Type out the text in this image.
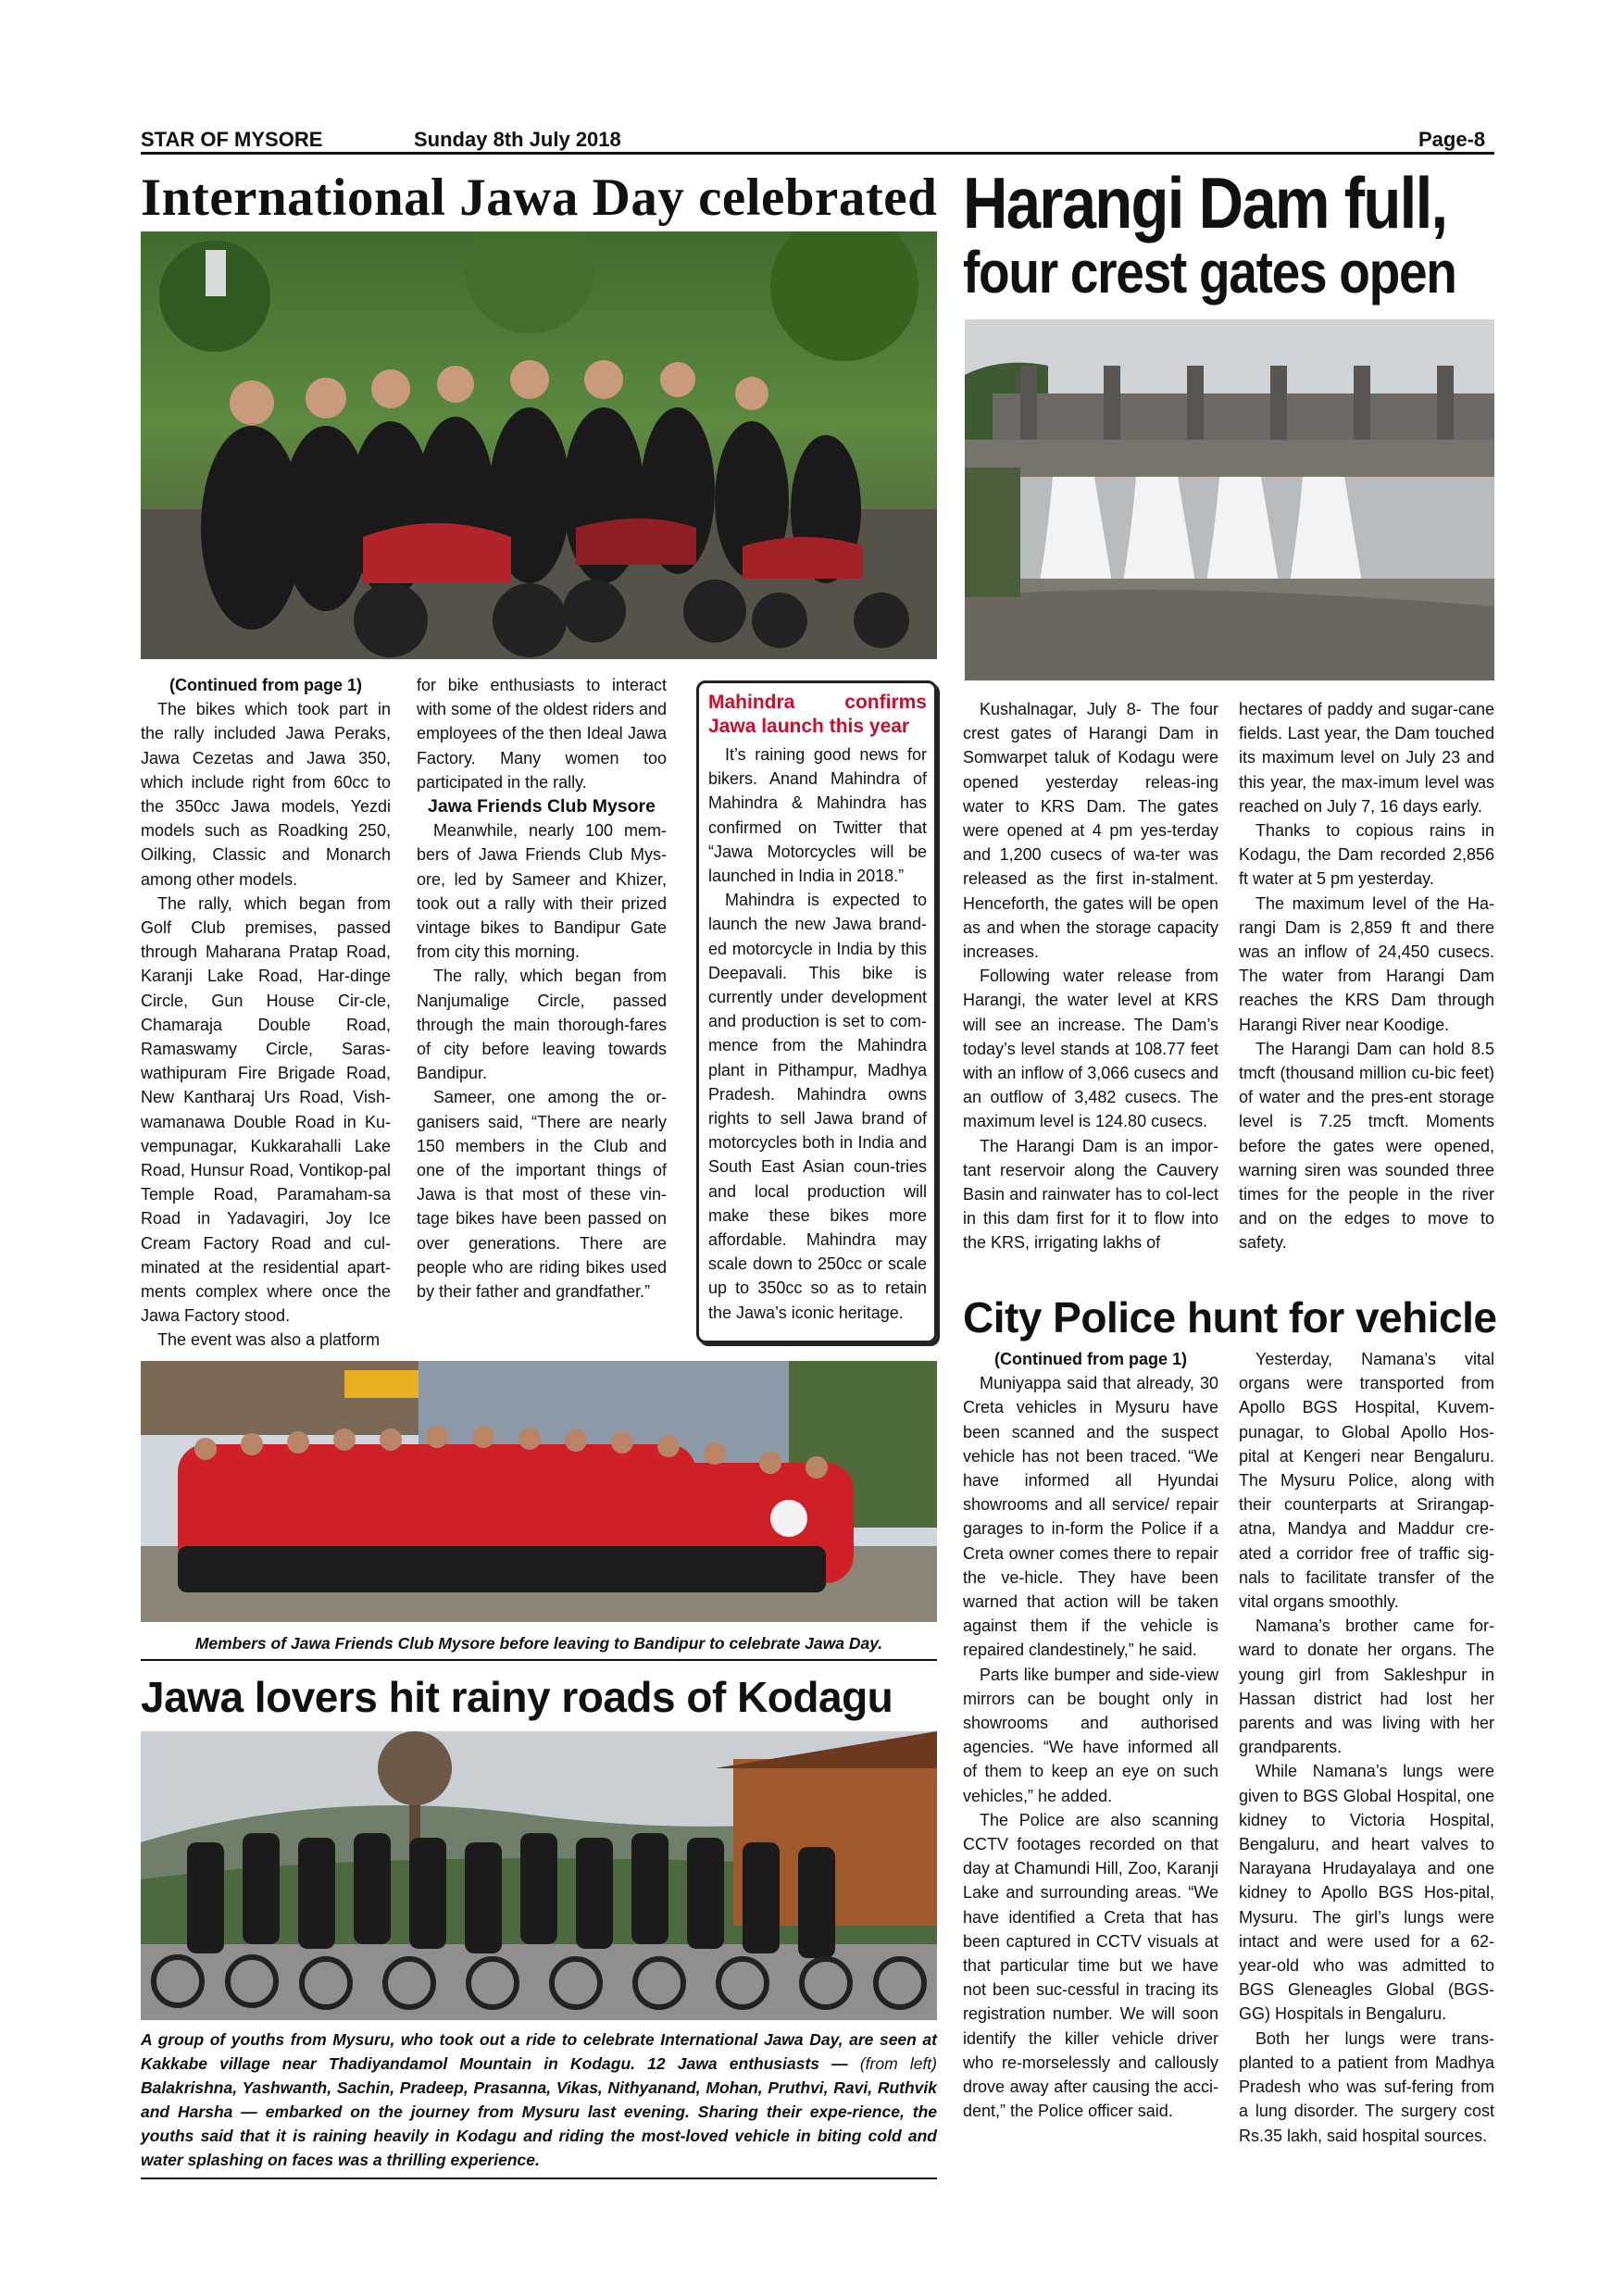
STAR OF MYSORE	Sunday 8th July 2018	Page-8
International Jawa Day celebrated

(Continued from page 1)

The bikes which took part in the rally included Jawa Peraks, Jawa Cezetas and Jawa 350, which include right from 60cc to the 350cc Jawa models, Yezdi models such as Roadking 250, Oilking, Classic and Monarch among other models.

The rally, which began from Golf Club premises, passed through Maharana Pratap Road, Karanji Lake Road, Har-dinge Circle, Gun House Cir-cle, Chamaraja Double Road, Ramaswamy Circle, Saras-wathipuram Fire Brigade Road, New Kantharaj Urs Road, Vish-wamanawa Double Road in Ku-vempunagar, Kukkarahalli Lake Road, Hunsur Road, Vontikop-pal Temple Road, Paramaham-sa Road in Yadavagiri, Joy Ice Cream Factory Road and cul-minated at the residential apart-ments complex where once the Jawa Factory stood.

The event was also a platform

for bike enthusiasts to interact with some of the oldest riders and employees of the then Ideal Jawa Factory. Many women too participated in the rally.

Jawa Friends Club Mysore

Meanwhile, nearly 100 mem-bers of Jawa Friends Club Mys-ore, led by Sameer and Khizer, took out a rally with their prized vintage bikes to Bandipur Gate from city this morning.

The rally, which began from Nanjumalige Circle, passed through the main thorough-fares of city before leaving towards Bandipur.

Sameer, one among the or-ganisers said, “There are nearly 150 members in the Club and one of the important things of Jawa is that most of these vin-tage bikes have been passed on over generations. There are people who are riding bikes used by their father and grandfather.”

Mahindra confirms Jawa launch this year

It’s raining good news for bikers. Anand Mahindra of Mahindra & Mahindra has confirmed on Twitter that “Jawa Motorcycles will be launched in India in 2018.”

Mahindra is expected to launch the new Jawa brand-ed motorcycle in India by this Deepavali. This bike is currently under development and production is set to com-mence from the Mahindra plant in Pithampur, Madhya Pradesh. Mahindra owns rights to sell Jawa brand of motorcycles both in India and South East Asian coun-tries and local production will make these bikes more affordable. Mahindra may scale down to 250cc or scale up to 350cc so as to retain the Jawa’s iconic heritage.

Members of Jawa Friends Club Mysore before leaving to Bandipur to celebrate Jawa Day.
Jawa lovers hit rainy roads of Kodagu
A group of youths from Mysuru, who took out a ride to celebrate International Jawa Day, are seen at Kakkabe village near Thadiyandamol Mountain in Kodagu. 12 Jawa enthusiasts — (from left) Balakrishna, Yashwanth, Sachin, Pradeep, Prasanna, Vikas, Nithyanand, Mohan, Pruthvi, Ravi, Ruthvik and Harsha — embarked on the journey from Mysuru last evening. Sharing their expe-rience, the youths said that it is raining heavily in Kodagu and riding the most-loved vehicle in biting cold and water splashing on faces was a thrilling experience.
Harangi Dam full,
four crest gates open

Kushalnagar, July 8- The four crest gates of Harangi Dam in Somwarpet taluk of Kodagu were opened yesterday releas-ing water to KRS Dam. The gates were opened at 4 pm yes-terday and 1,200 cusecs of wa-ter was released as the first in-stalment. Henceforth, the gates will be open as and when the storage capacity increases.

Following water release from Harangi, the water level at KRS will see an increase. The Dam’s today’s level stands at 108.77 feet with an inflow of 3,066 cusecs and an outflow of 3,482 cusecs. The maximum level is 124.80 cusecs.

The Harangi Dam is an impor-tant reservoir along the Cauvery Basin and rainwater has to col-lect in this dam first for it to flow into the KRS, irrigating lakhs of

hectares of paddy and sugar-cane fields. Last year, the Dam touched its maximum level on July 23 and this year, the max-imum level was reached on July 7, 16 days early.

Thanks to copious rains in Kodagu, the Dam recorded 2,856 ft water at 5 pm yesterday.

The maximum level of the Ha-rangi Dam is 2,859 ft and there was an inflow of 24,450 cusecs. The water from Harangi Dam reaches the KRS Dam through Harangi River near Koodige.

The Harangi Dam can hold 8.5 tmcft (thousand million cu-bic feet) of water and the pres-ent storage level is 7.25 tmcft. Moments before the gates were opened, warning siren was sounded three times for the people in the river and on the edges to move to safety.

City Police hunt for vehicle

(Continued from page 1)

Muniyappa said that already, 30 Creta vehicles in Mysuru have been scanned and the suspect vehicle has not been traced. “We have informed all Hyundai showrooms and all service/ repair garages to in-form the Police if a Creta owner comes there to repair the ve-hicle. They have been warned that action will be taken against them if the vehicle is repaired clandestinely,” he said.

Parts like bumper and side-view mirrors can be bought only in showrooms and authorised agencies. “We have informed all of them to keep an eye on such vehicles,” he added.

The Police are also scanning CCTV footages recorded on that day at Chamundi Hill, Zoo, Karanji Lake and surrounding areas. “We have identified a Creta that has been captured in CCTV visuals at that particular time but we have not been suc-cessful in tracing its registration number. We will soon identify the killer vehicle driver who re-morselessly and callously drove away after causing the acci-dent,” the Police officer said.

Yesterday, Namana’s vital organs were transported from Apollo BGS Hospital, Kuvem-punagar, to Global Apollo Hos-pital at Kengeri near Bengaluru. The Mysuru Police, along with their counterparts at Srirangap-atna, Mandya and Maddur cre-ated a corridor free of traffic sig-nals to facilitate transfer of the vital organs smoothly.

Namana’s brother came for-ward to donate her organs. The young girl from Sakleshpur in Hassan district had lost her parents and was living with her grandparents.

While Namana’s lungs were given to BGS Global Hospital, one kidney to Victoria Hospital, Bengaluru, and heart valves to Narayana Hrudayalaya and one kidney to Apollo BGS Hos-pital, Mysuru. The girl’s lungs were intact and were used for a 62-year-old who was admitted to BGS Gleneagles Global (BGS-GG) Hospitals in Bengaluru.

Both her lungs were trans-planted to a patient from Madhya Pradesh who was suf-fering from a lung disorder. The surgery cost Rs.35 lakh, said hospital sources.
